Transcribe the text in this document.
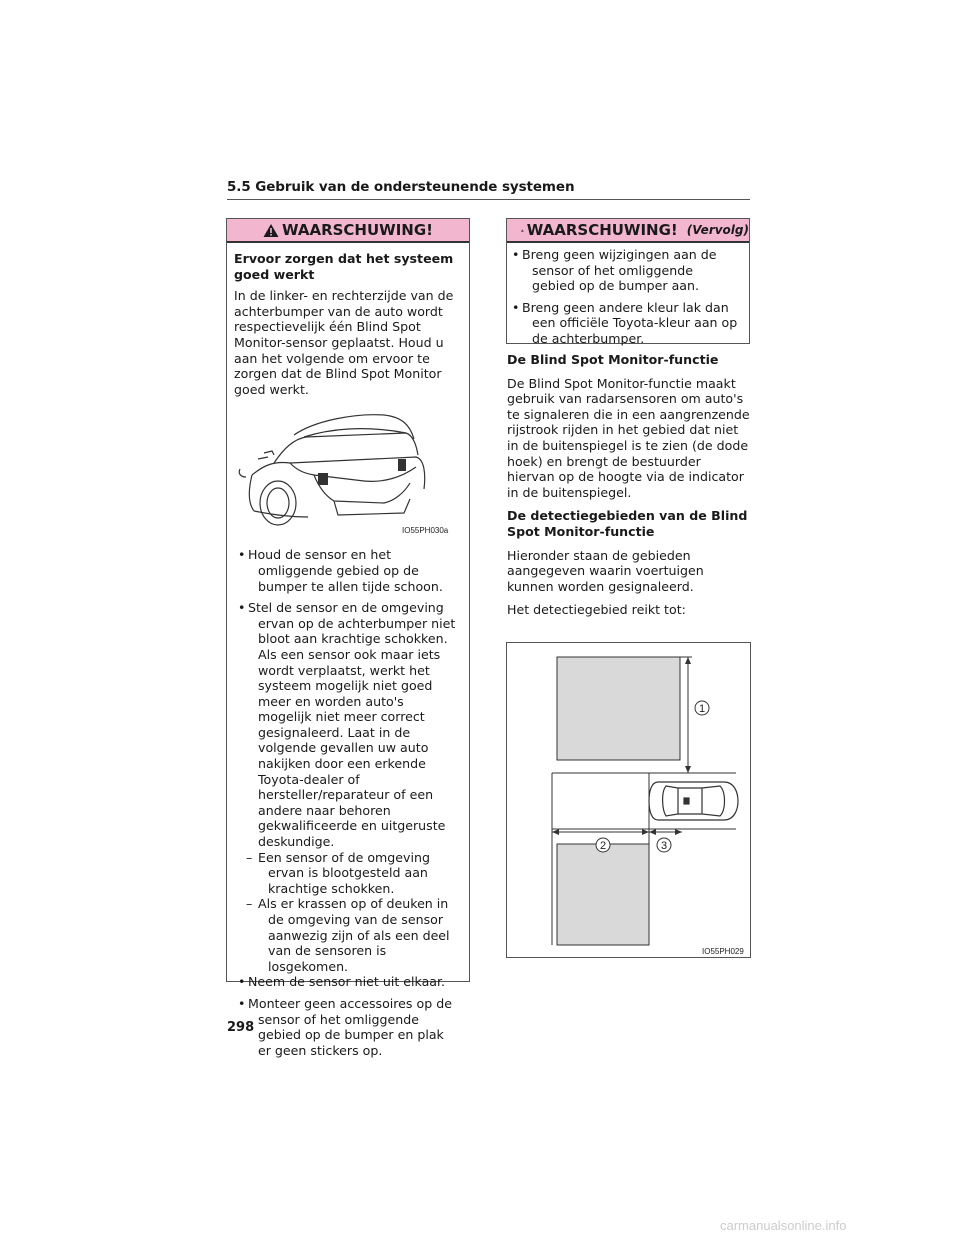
5.5 Gebruik van de ondersteunende systemen
WAARSCHUWING!
Ervoor zorgen dat het systeem goed werkt
In de linker- en rechterzijde van de achterbumper van de auto wordt respectievelijk één Blind Spot Monitor-sensor geplaatst. Houd u aan het volgende om ervoor te zorgen dat de Blind Spot Monitor goed werkt.
IO55PH030a
• Houd de sensor en het omliggende gebied op de bumper te allen tijde schoon.
• Stel de sensor en de omgeving ervan op de achterbumper niet bloot aan krachtige schokken. Als een sensor ook maar iets wordt verplaatst, werkt het systeem mogelijk niet goed meer en worden auto's mogelijk niet meer correct gesignaleerd. Laat in de volgende gevallen uw auto nakijken door een erkende Toyota-dealer of hersteller/reparateur of een andere naar behoren gekwalificeerde en uitgeruste deskundige.
– Een sensor of de omgeving ervan is blootgesteld aan krachtige schokken.
– Als er krassen op of deuken in de omgeving van de sensor aanwezig zijn of als een deel van de sensoren is losgekomen.
• Neem de sensor niet uit elkaar.
• Monteer geen accessoires op de sensor of het omliggende gebied op de bumper en plak er geen stickers op.
WAARSCHUWING! (Vervolg)
• Breng geen wijzigingen aan de sensor of het omliggende gebied op de bumper aan.
• Breng geen andere kleur lak dan een officiële Toyota-kleur aan op de achterbumper.
De Blind Spot Monitor-functie
De Blind Spot Monitor-functie maakt gebruik van radarsensoren om auto's te signaleren die in een aangrenzende rijstrook rijden in het gebied dat niet in de buitenspiegel is te zien (de dode hoek) en brengt de bestuurder hiervan op de hoogte via de indicator in de buitenspiegel.
De detectiegebieden van de Blind Spot Monitor-functie
Hieronder staan de gebieden aangegeven waarin voertuigen kunnen worden gesignaleerd.
Het detectiegebied reikt tot:
1
2	3
IO55PH029
298
carmanualsonline.info
